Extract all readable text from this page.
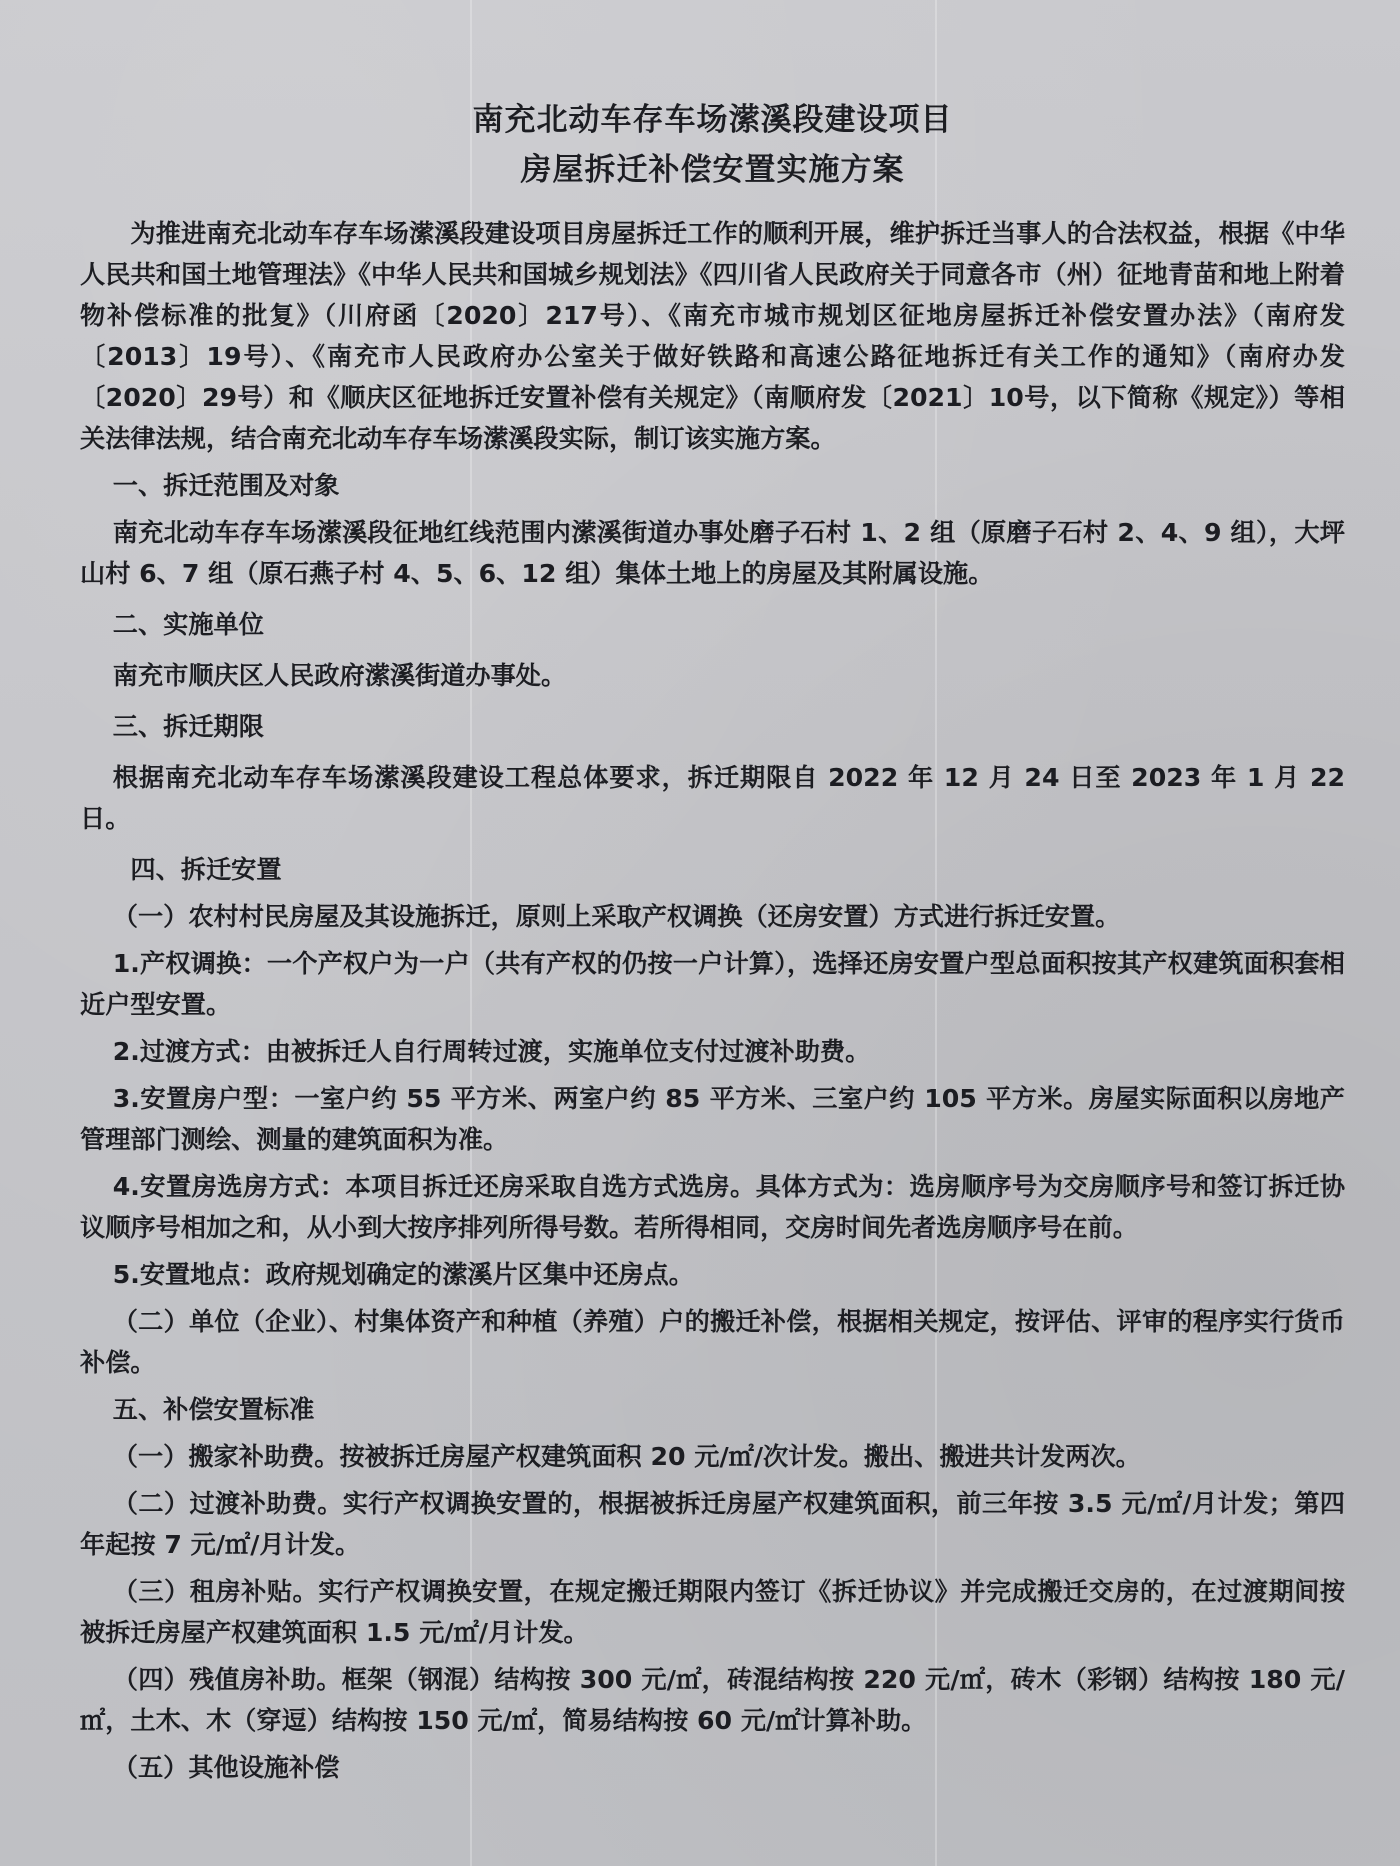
南充北动车存车场潆溪段建设项目
房屋拆迁补偿安置实施方案

为推进南充北动车存车场潆溪段建设项目房屋拆迁工作的顺利开展，维护拆迁当事人的合法权益，根据《中华人民共和国土地管理法》《中华人民共和国城乡规划法》《四川省人民政府关于同意各市（州）征地青苗和地上附着物补偿标准的批复》（川府函〔2020〕217号）、《南充市城市规划区征地房屋拆迁补偿安置办法》（南府发〔2013〕19号）、《南充市人民政府办公室关于做好铁路和高速公路征地拆迁有关工作的通知》（南府办发〔2020〕29号）和《顺庆区征地拆迁安置补偿有关规定》（南顺府发〔2021〕10号，以下简称《规定》）等相关法律法规，结合南充北动车存车场潆溪段实际，制订该实施方案。

一、拆迁范围及对象

南充北动车存车场潆溪段征地红线范围内潆溪街道办事处磨子石村 1、2 组（原磨子石村 2、4、9 组），大坪山村 6、7 组（原石燕子村 4、5、6、12 组）集体土地上的房屋及其附属设施。

二、实施单位

南充市顺庆区人民政府潆溪街道办事处。

三、拆迁期限

根据南充北动车存车场潆溪段建设工程总体要求，拆迁期限自 2022 年 12 月 24 日至 2023 年 1 月 22 日。

四、拆迁安置

（一）农村村民房屋及其设施拆迁，原则上采取产权调换（还房安置）方式进行拆迁安置。

1.产权调换：一个产权户为一户（共有产权的仍按一户计算），选择还房安置户型总面积按其产权建筑面积套相近户型安置。

2.过渡方式：由被拆迁人自行周转过渡，实施单位支付过渡补助费。

3.安置房户型：一室户约 55 平方米、两室户约 85 平方米、三室户约 105 平方米。房屋实际面积以房地产管理部门测绘、测量的建筑面积为准。

4.安置房选房方式：本项目拆迁还房采取自选方式选房。具体方式为：选房顺序号为交房顺序号和签订拆迁协议顺序号相加之和，从小到大按序排列所得号数。若所得相同，交房时间先者选房顺序号在前。

5.安置地点：政府规划确定的潆溪片区集中还房点。

（二）单位（企业）、村集体资产和种植（养殖）户的搬迁补偿，根据相关规定，按评估、评审的程序实行货币补偿。

五、补偿安置标准

（一）搬家补助费。按被拆迁房屋产权建筑面积 20 元/㎡/次计发。搬出、搬进共计发两次。

（二）过渡补助费。实行产权调换安置的，根据被拆迁房屋产权建筑面积，前三年按 3.5 元/㎡/月计发；第四年起按 7 元/㎡/月计发。

（三）租房补贴。实行产权调换安置，在规定搬迁期限内签订《拆迁协议》并完成搬迁交房的，在过渡期间按被拆迁房屋产权建筑面积 1.5 元/㎡/月计发。

（四）残值房补助。框架（钢混）结构按 300 元/㎡，砖混结构按 220 元/㎡，砖木（彩钢）结构按 180 元/㎡，土木、木（穿逗）结构按 150 元/㎡，简易结构按 60 元/㎡计算补助。

（五）其他设施补偿
